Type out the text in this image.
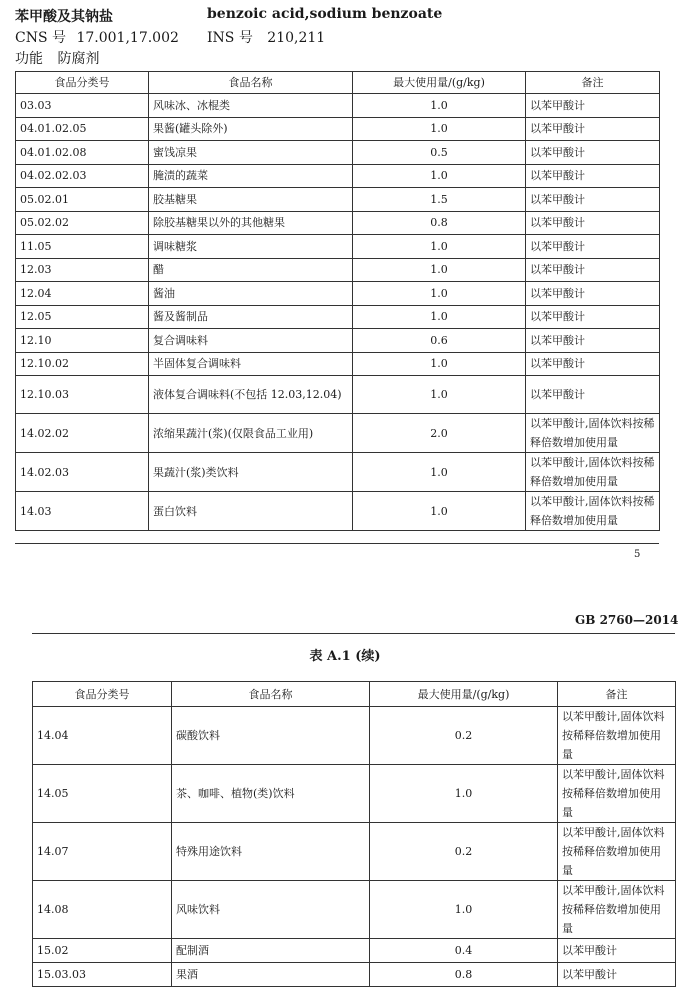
苯甲酸及其钠盐	benzoic acid,sodium benzoate
CNS 号 17.001,17.002 INS 号 210,211
功能 防腐剂
食品分类号	食品名称	最大使用量/(g/kg)	备注
03.03	风味冰、冰棍类	1.0	以苯甲酸计
04.01.02.05	果酱(罐头除外)	1.0	以苯甲酸计
04.01.02.08	蜜饯凉果	0.5	以苯甲酸计
04.02.02.03	腌渍的蔬菜	1.0	以苯甲酸计
05.02.01	胶基糖果	1.5	以苯甲酸计
05.02.02	除胶基糖果以外的其他糖果	0.8	以苯甲酸计
11.05	调味糖浆	1.0	以苯甲酸计
12.03	醋	1.0	以苯甲酸计
12.04	酱油	1.0	以苯甲酸计
12.05	酱及酱制品	1.0	以苯甲酸计
12.10	复合调味料	0.6	以苯甲酸计
12.10.02	半固体复合调味料	1.0	以苯甲酸计
12.10.03	液体复合调味料(不包括 12.03,12.04)	1.0	以苯甲酸计
14.02.02	浓缩果蔬汁(浆)(仅限食品工业用)	2.0	以苯甲酸计,固体饮料按稀释倍数增加使用量
14.02.03	果蔬汁(浆)类饮料	1.0	以苯甲酸计,固体饮料按稀释倍数增加使用量
14.03	蛋白饮料	1.0	以苯甲酸计,固体饮料按稀释倍数增加使用量
5
GB 2760—2014
表 A.1 (续)
食品分类号	食品名称	最大使用量/(g/kg)	备注
14.04	碳酸饮料	0.2	以苯甲酸计,固体饮料按稀释倍数增加使用量
14.05	茶、咖啡、植物(类)饮料	1.0	以苯甲酸计,固体饮料按稀释倍数增加使用量
14.07	特殊用途饮料	0.2	以苯甲酸计,固体饮料按稀释倍数增加使用量
14.08	风味饮料	1.0	以苯甲酸计,固体饮料按稀释倍数增加使用量
15.02	配制酒	0.4	以苯甲酸计
15.03.03	果酒	0.8	以苯甲酸计
